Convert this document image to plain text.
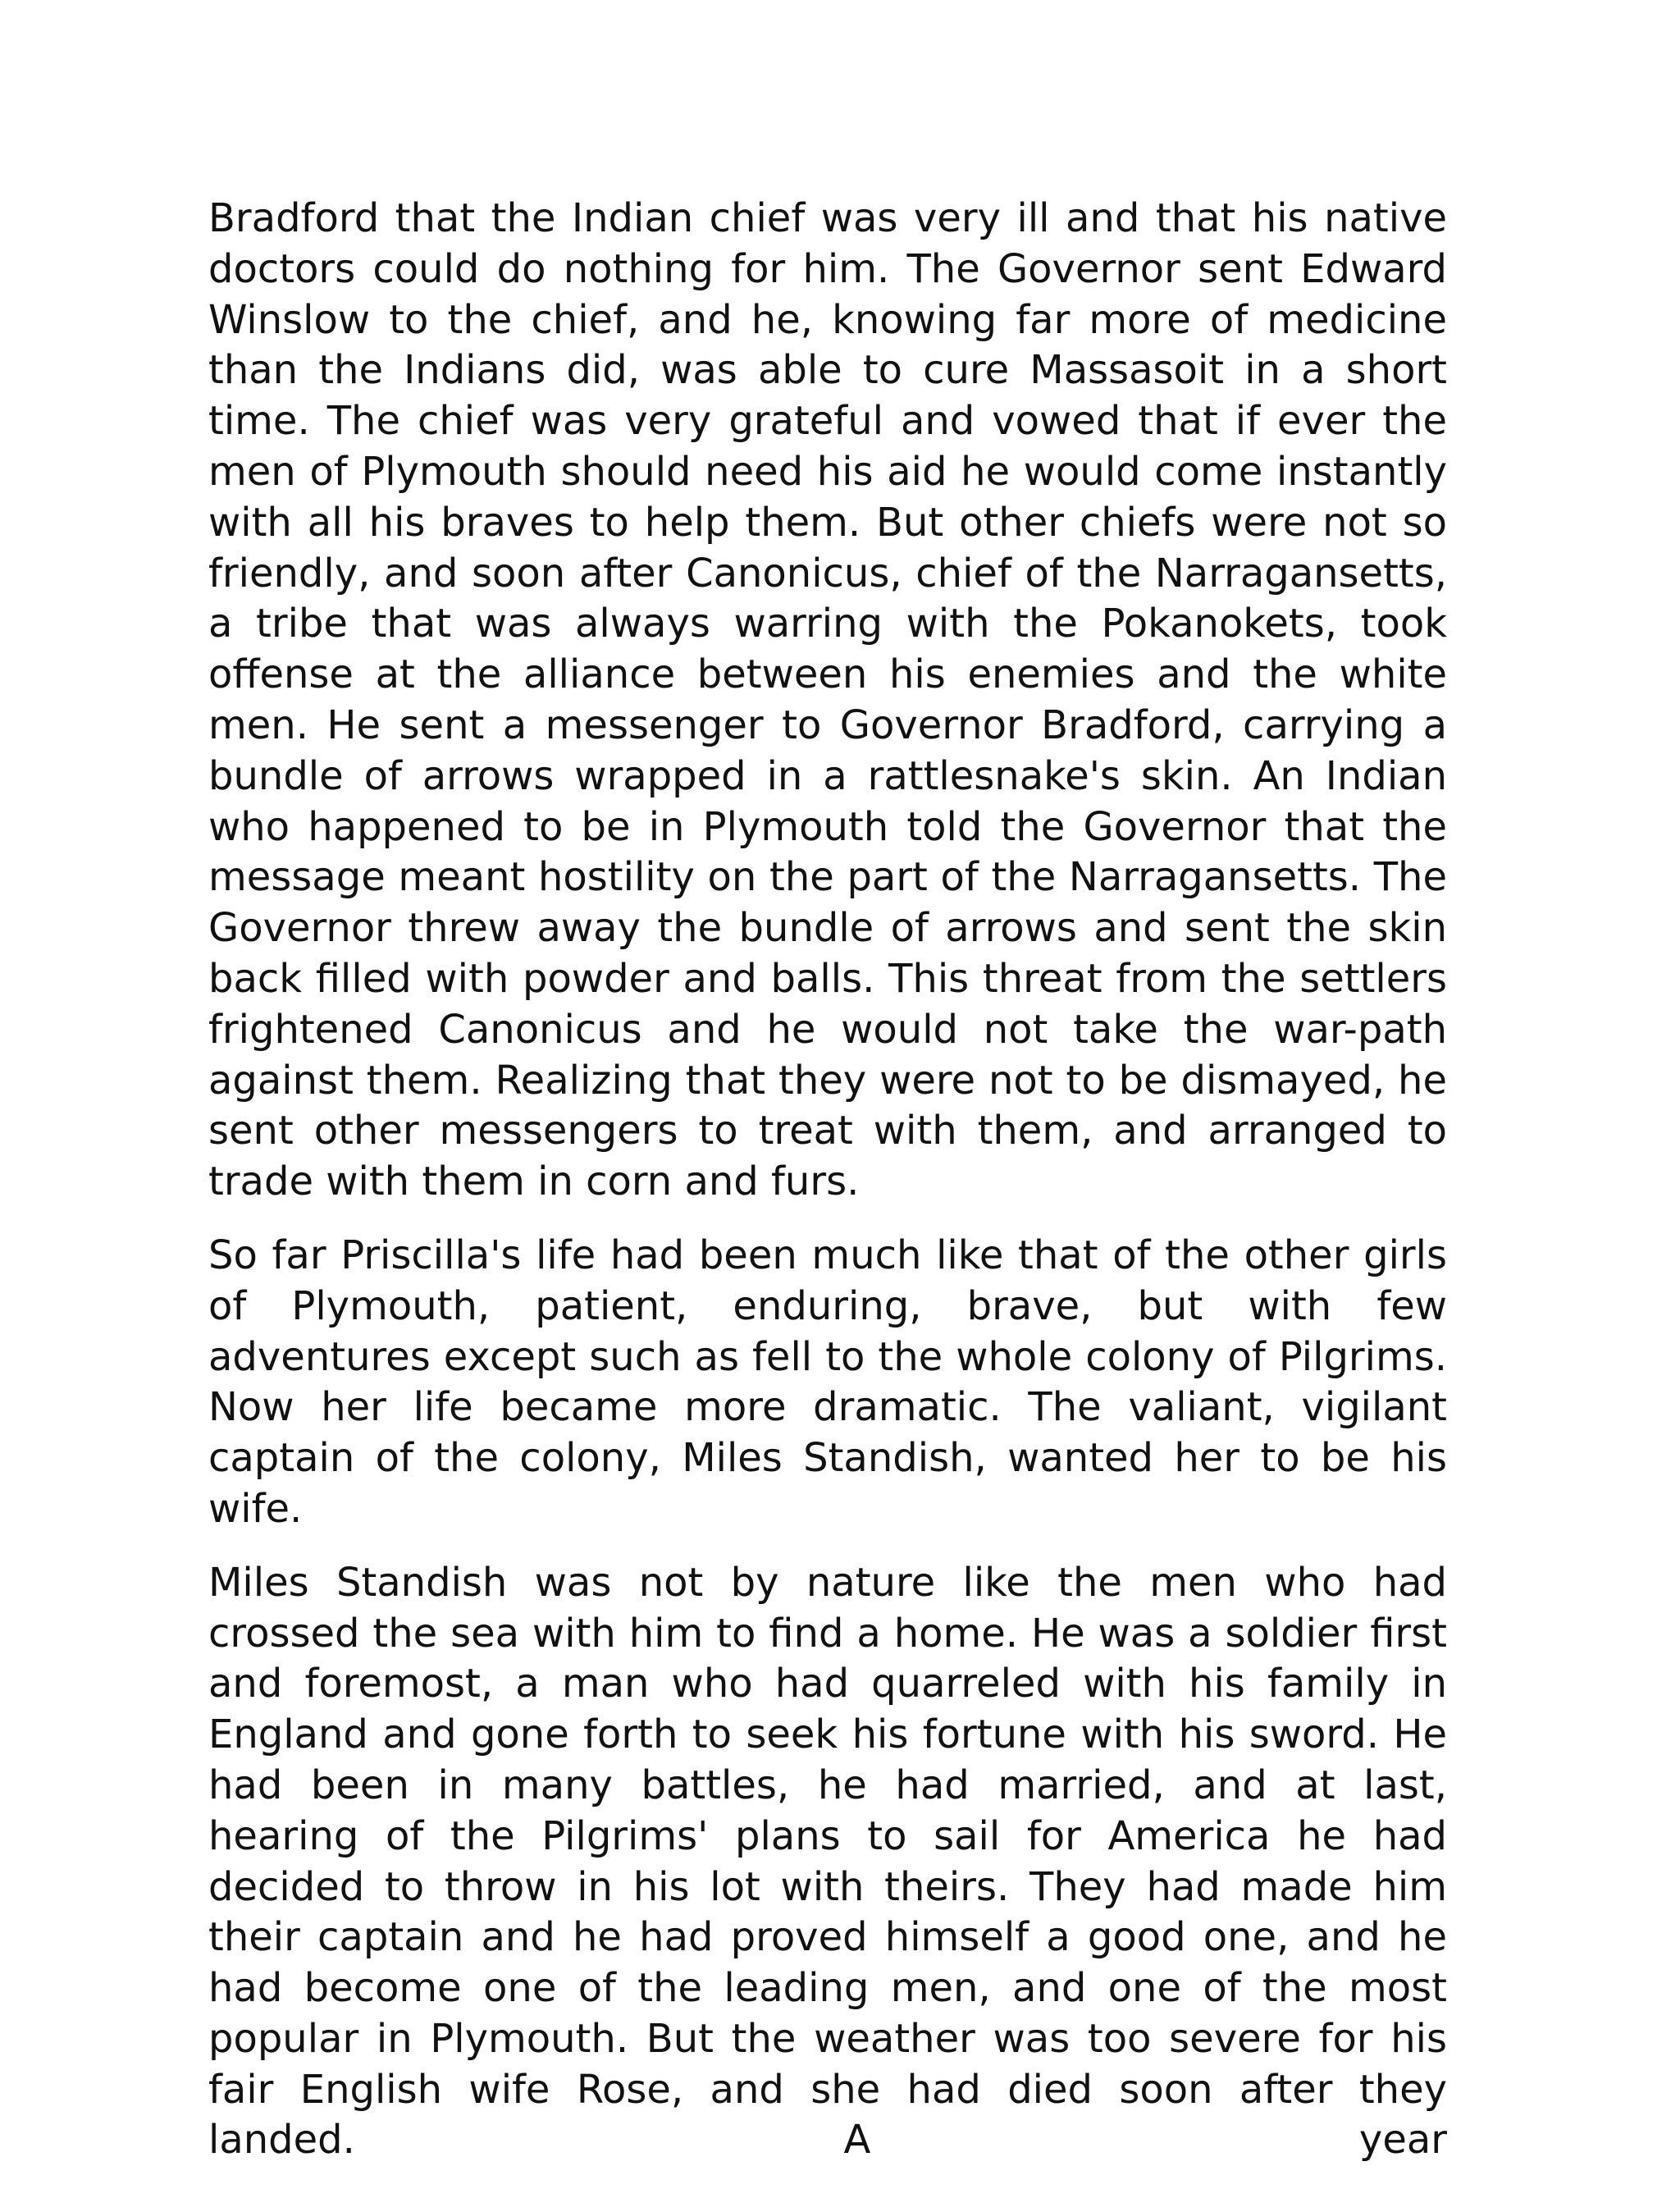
Bradford that the Indian chief was very ill and that his native doctors could do nothing for him. The Governor sent Edward Winslow to the chief, and he, knowing far more of medicine than the Indians did, was able to cure Massasoit in a short time. The chief was very grateful and vowed that if ever the men of Plymouth should need his aid he would come instantly with all his braves to help them. But other chiefs were not so friendly, and soon after Canonicus, chief of the Narragansetts, a tribe that was always warring with the Pokanokets, took offense at the alliance between his enemies and the white men. He sent a messenger to Governor Bradford, carrying a bundle of arrows wrapped in a rattlesnake's skin. An Indian who happened to be in Plymouth told the Governor that the message meant hostility on the part of the Narragansetts. The Governor threw away the bundle of arrows and sent the skin back filled with powder and balls. This threat from the settlers frightened Canonicus and he would not take the war-path against them. Realizing that they were not to be dismayed, he sent other messengers to treat with them, and arranged to trade with them in corn and furs.

So far Priscilla's life had been much like that of the other girls of Plymouth, patient, enduring, brave, but with few adventures except such as fell to the whole colony of Pilgrims. Now her life became more dramatic. The valiant, vigilant captain of the colony, Miles Standish, wanted her to be his wife.

Miles Standish was not by nature like the men who had crossed the sea with him to find a home. He was a soldier first and foremost, a man who had quarreled with his family in England and gone forth to seek his fortune with his sword. He had been in many battles, he had married, and at last, hearing of the Pilgrims' plans to sail for America he had decided to throw in his lot with theirs. They had made him their captain and he had proved himself a good one, and he had become one of the leading men, and one of the most popular in Plymouth. But the weather was too severe for his fair English wife Rose, and she had died soon after they landed. A year
